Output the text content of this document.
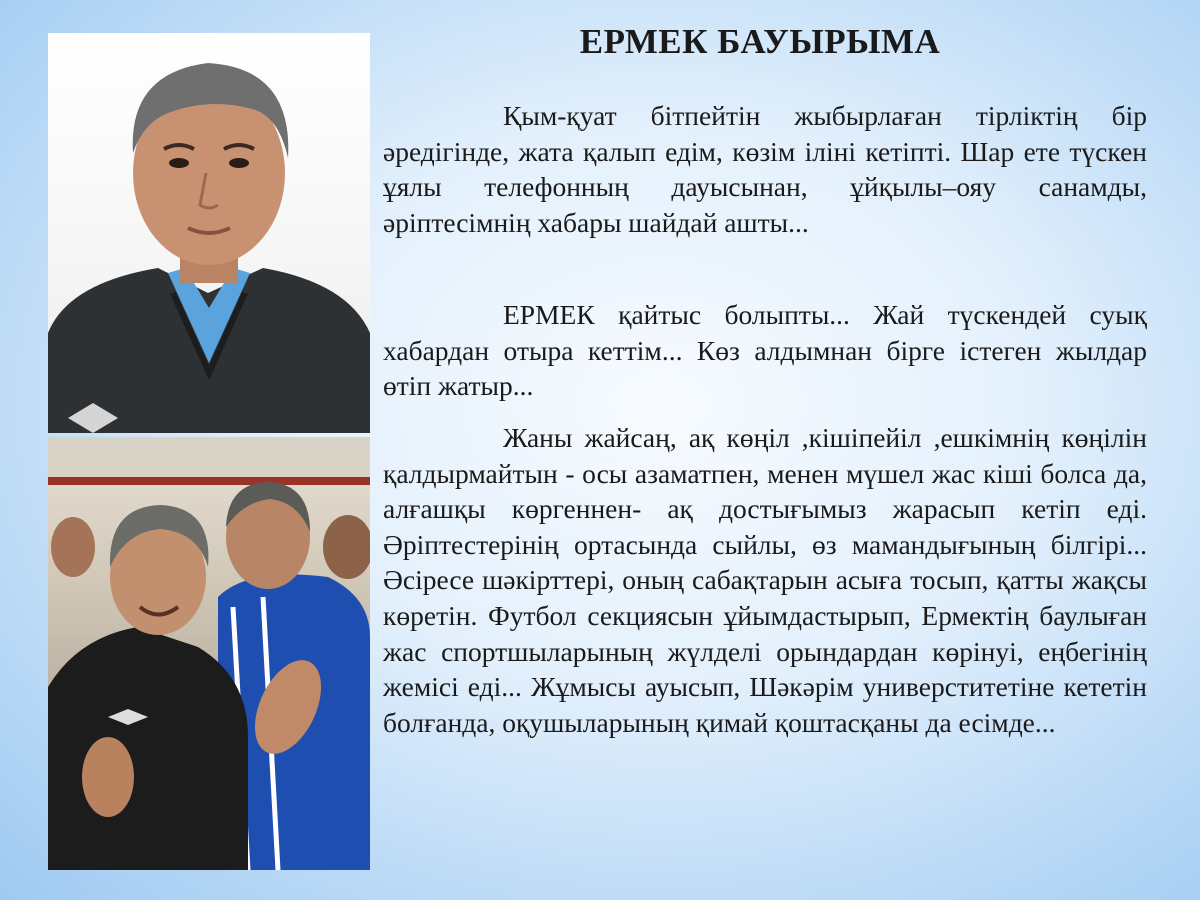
ЕРМЕК БАУЫРЫМА

Қым-қуат бітпейтін жыбырлаған тірліктің бір әредігінде, жата қалып едім, көзім іліні кетіпті. Шар ете түскен ұялы телефонның дауысынан, ұйқылы–ояу санамды, әріптесімнің хабары шайдай ашты...

ЕРМЕК қайтыс болыпты... Жай түскендей суық хабардан отыра кеттім... Көз алдымнан бірге істеген жылдар өтіп жатыр...

Жаны жайсаң, ақ көңіл ,кішіпейіл ,ешкімнің көңілін қалдырмайтын - осы азаматпен, менен мүшел жас кіші болса да, алғашқы көргеннен- ақ достығымыз жарасып кетіп еді. Әріптестерінің ортасында сыйлы, өз мамандығының білгірі... Әсіресе шәкірттері, оның сабақтарын асыға тосып, қатты жақсы көретін. Футбол секциясын ұйымдастырып, Ермектің баулыған жас спортшыларының жүлделі орындардан көрінуі, еңбегінің жемісі еді... Жұмысы ауысып, Шәкәрім универститетіне кететін болғанда, оқушыларының қимай қоштасқаны да есімде...
